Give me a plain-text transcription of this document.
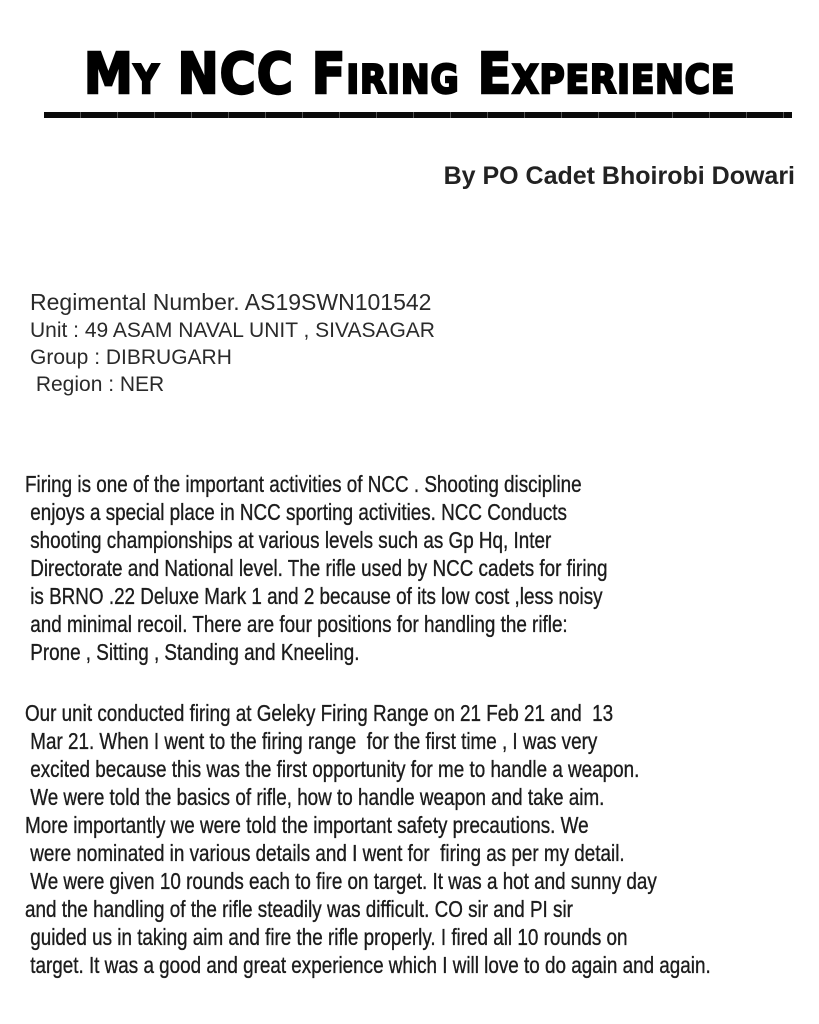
My NCC Firing Experience
By PO Cadet Bhoirobi Dowari
Regimental Number. AS19SWN101542
Unit : 49 ASAM NAVAL UNIT , SIVASAGAR
Group : DIBRUGARH
Region : NER
Firing is one of the important activities of NCC . Shooting discipline
enjoys a special place in NCC sporting activities. NCC Conducts
shooting championships at various levels such as Gp Hq, Inter
Directorate and National level. The rifle used by NCC cadets for firing
is BRNO .22 Deluxe Mark 1 and 2 because of its low cost ,less noisy
and minimal recoil. There are four positions for handling the rifle:
Prone , Sitting , Standing and Kneeling.
Our unit conducted firing at Geleky Firing Range on 21 Feb 21 and  13
Mar 21. When I went to the firing range  for the first time , I was very
excited because this was the first opportunity for me to handle a weapon.
We were told the basics of rifle, how to handle weapon and take aim.
More importantly we were told the important safety precautions. We
were nominated in various details and I went for  firing as per my detail.
We were given 10 rounds each to fire on target. It was a hot and sunny day
and the handling of the rifle steadily was difficult. CO sir and PI sir
guided us in taking aim and fire the rifle properly. I fired all 10 rounds on
target. It was a good and great experience which I will love to do again and again.
